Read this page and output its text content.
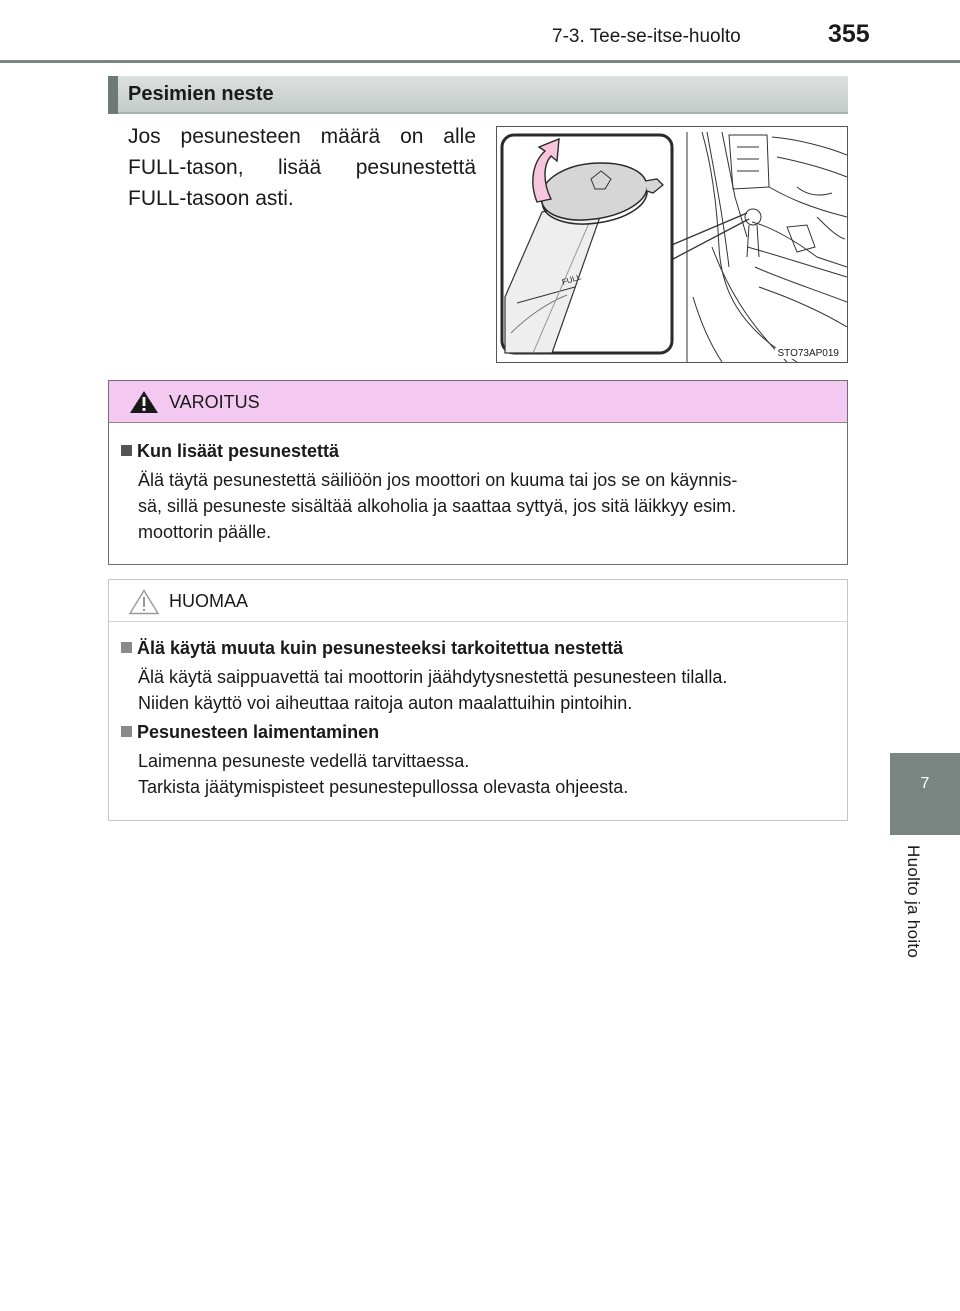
7-3. Tee-se-itse-huolto	355
7
Huolto ja hoito
Pesimien neste
Jos pesunesteen määrä on alle FULL-tason, lisää pesunestettä FULL-tasoon asti.
FULL
STO73AP019
VAROITUS
Kun lisäät pesunestettä
Älä täytä pesunestettä säiliöön jos moottori on kuuma tai jos se on käynnis-
sä, sillä pesuneste sisältää alkoholia ja saattaa syttyä, jos sitä läikkyy esim.
moottorin päälle.
HUOMAA
Älä käytä muuta kuin pesunesteeksi tarkoitettua nestettä
Älä käytä saippuavettä tai moottorin jäähdytysnestettä pesunesteen tilalla.
Niiden käyttö voi aiheuttaa raitoja auton maalattuihin pintoihin.
Pesunesteen laimentaminen
Laimenna pesuneste vedellä tarvittaessa.
Tarkista jäätymispisteet pesunestepullossa olevasta ohjeesta.
